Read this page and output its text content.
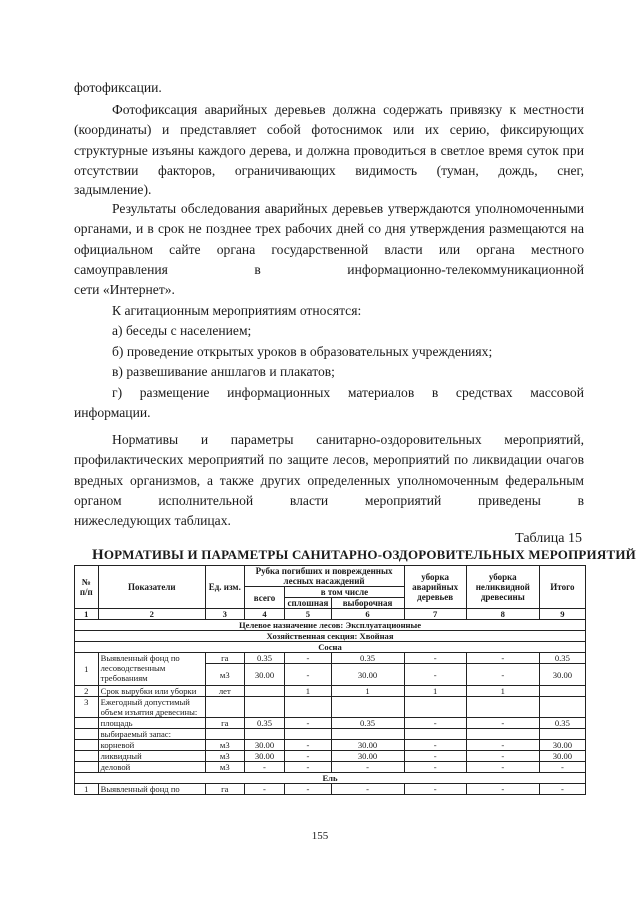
фотофиксации.
Фотофиксация аварийных деревьев должна содержать привязку к местности (координаты) и представляет собой фотоснимок или их серию, фиксирующих структурные изъяны каждого дерева, и должна проводиться в светлое время суток при отсутствии факторов, ограничивающих видимость (туман, дождь, снег,
задымление).
Результаты обследования аварийных деревьев утверждаются уполномоченными органами, и в срок не позднее трех рабочих дней со дня утверждения размещаются на официальном сайте органа государственной власти или органа местного самоуправления в информационно-телекоммуникационной
сети «Интернет».
К агитационным мероприятиям относятся:
а) беседы с населением;
б) проведение открытых уроков в образовательных учреждениях;
в) развешивание аншлагов и плакатов;
г) размещение информационных материалов в средствах массовой
информации.
Нормативы и параметры санитарно-оздоровительных мероприятий, профилактических мероприятий по защите лесов, мероприятий по ликвидации очагов вредных организмов, а также других определенных уполномоченным федеральным органом исполнительной власти мероприятий приведены в
нижеследующих таблицах.
Таблица 15
НОРМАТИВЫ И ПАРАМЕТРЫ САНИТАРНО-ОЗДОРОВИТЕЛЬНЫХ МЕРОПРИЯТИЙ
№ п/п	Показатели	Ед. изм.	Рубка погибших и поврежденных лесных насаждений			уборка аварийных деревьев	уборка неликвидной древесины	Итого
			всего	в том числе				
				сплошная	выборочная			
1	2	3	4	5	6	7	8	9
Целевое назначение лесов: Эксплуатационные								
Хозяйственная секция: Хвойная								
Сосна								
1	Выявленный фонд по лесоводственным требованиям	га	0.35	-	0.35	-	-	0.35
		м3	30.00	-	30.00	-	-	30.00
2	Срок вырубки или уборки	лет		1	1	1	1	
3	Ежегодный допустимый объем изъятия древесины:							
	площадь	га	0.35	-	0.35	-	-	0.35
	выбираемый запас:							
	корневой	м3	30.00	-	30.00	-	-	30.00
	ликвидный	м3	30.00	-	30.00	-	-	30.00
	деловой	м3	-	-	-	-	-	-
Ель								
1	Выявленный фонд по	га	-	-	-	-	-	-
155
